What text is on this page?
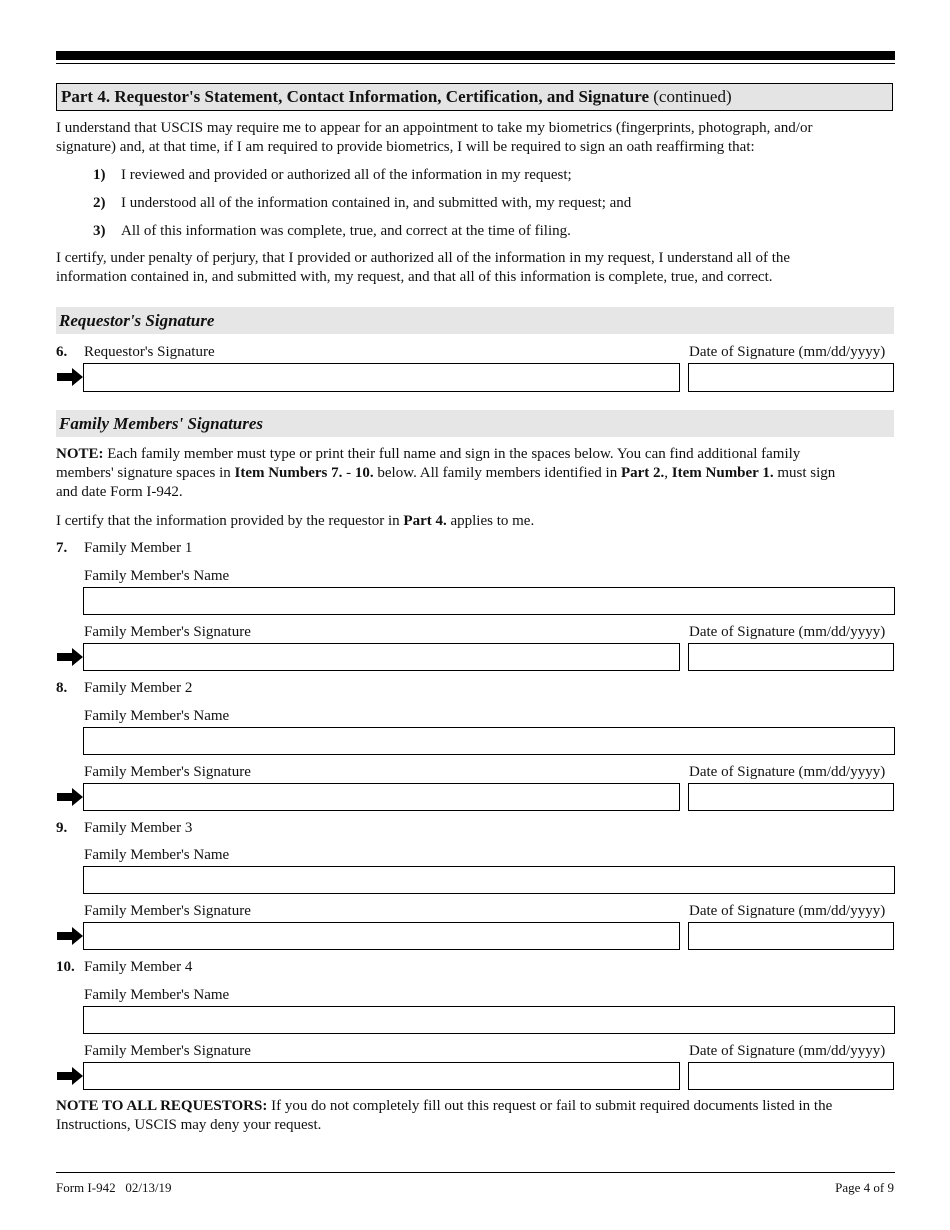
Part 4. Requestor's Statement, Contact Information, Certification, and Signature (continued)
I understand that USCIS may require me to appear for an appointment to take my biometrics (fingerprints, photograph, and/or
signature) and, at that time, if I am required to provide biometrics, I will be required to sign an oath reaffirming that:
1) I reviewed and provided or authorized all of the information in my request;
2) I understood all of the information contained in, and submitted with, my request; and
3) All of this information was complete, true, and correct at the time of filing.
I certify, under penalty of perjury, that I provided or authorized all of the information in my request, I understand all of the
information contained in, and submitted with, my request, and that all of this information is complete, true, and correct.
Requestor's Signature
6. Requestor's Signature	Date of Signature (mm/dd/yyyy)
Family Members' Signatures
NOTE: Each family member must type or print their full name and sign in the spaces below. You can find additional family
members' signature spaces in Item Numbers 7. - 10. below. All family members identified in Part 2., Item Number 1. must sign
and date Form I-942.
I certify that the information provided by the requestor in Part 4. applies to me.
7. Family Member 1
Family Member's Name
Family Member's Signature	Date of Signature (mm/dd/yyyy)
8. Family Member 2
Family Member's Name
Family Member's Signature	Date of Signature (mm/dd/yyyy)
9. Family Member 3
Family Member's Name
Family Member's Signature	Date of Signature (mm/dd/yyyy)
10. Family Member 4
Family Member's Name
Family Member's Signature	Date of Signature (mm/dd/yyyy)
NOTE TO ALL REQUESTORS: If you do not completely fill out this request or fail to submit required documents listed in the
Instructions, USCIS may deny your request.
Form I-942   02/13/19	Page 4 of 9
